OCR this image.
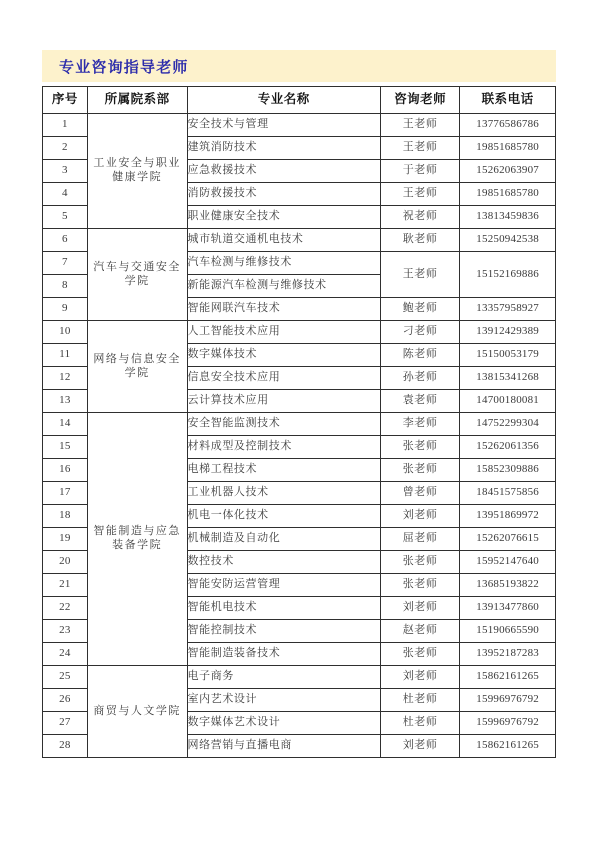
专业咨询指导老师
序号	所属院系部	专业名称	咨询老师	联系电话
1	工业安全与职业健康学院	安全技术与管理	王老师	13776586786
2		建筑消防技术	王老师	19851685780
3		应急救援技术	于老师	15262063907
4		消防救援技术	王老师	19851685780
5		职业健康安全技术	祝老师	13813459836
6	汽车与交通安全学院	城市轨道交通机电技术	耿老师	15250942538
7		汽车检测与维修技术	王老师	15152169886
8		新能源汽车检测与维修技术		
9		智能网联汽车技术	鲍老师	13357958927
10	网络与信息安全学院	人工智能技术应用	刁老师	13912429389
11		数字媒体技术	陈老师	15150053179
12		信息安全技术应用	孙老师	13815341268
13		云计算技术应用	袁老师	14700180081
14	智能制造与应急装备学院	安全智能监测技术	李老师	14752299304
15		材料成型及控制技术	张老师	15262061356
16		电梯工程技术	张老师	15852309886
17		工业机器人技术	曾老师	18451575856
18		机电一体化技术	刘老师	13951869972
19		机械制造及自动化	屈老师	15262076615
20		数控技术	张老师	15952147640
21		智能安防运营管理	张老师	13685193822
22		智能机电技术	刘老师	13913477860
23		智能控制技术	赵老师	15190665590
24		智能制造装备技术	张老师	13952187283
25	商贸与人文学院	电子商务	刘老师	15862161265
26		室内艺术设计	杜老师	15996976792
27		数字媒体艺术设计	杜老师	15996976792
28		网络营销与直播电商	刘老师	15862161265
